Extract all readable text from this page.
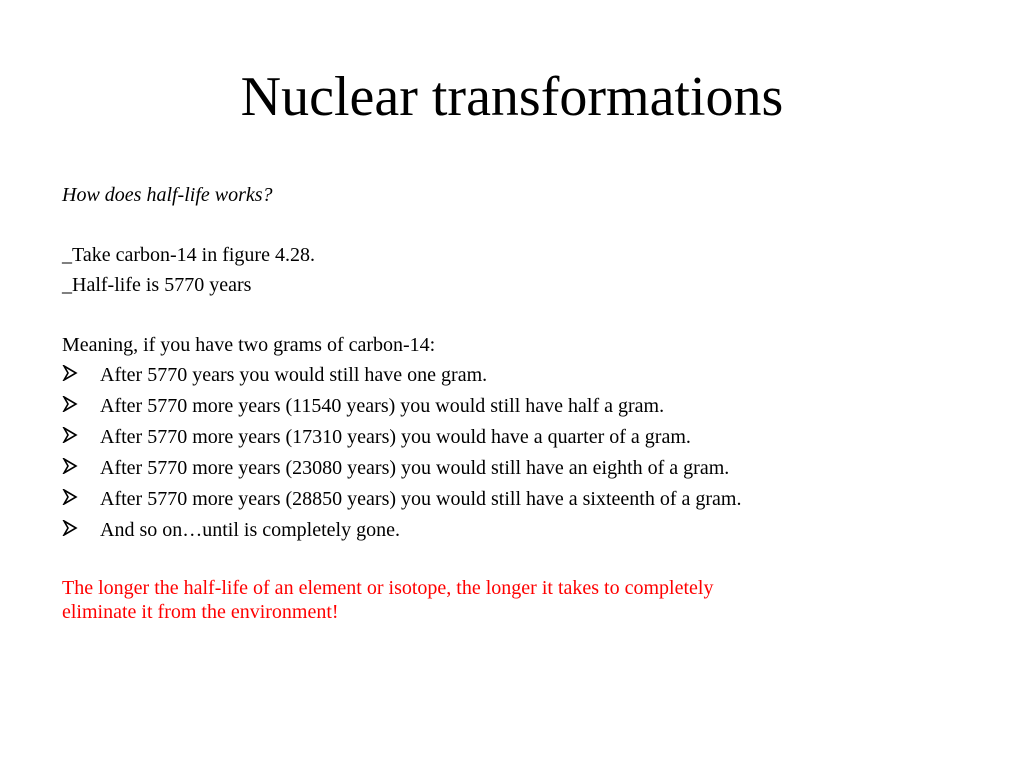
Nuclear transformations
How does half-life works?
_Take carbon-14 in figure 4.28.
_Half-life is 5770 years
Meaning, if you have two grams of carbon-14:
After 5770 years you would still have one gram.
After 5770 more years (11540 years) you would still have half a gram.
After 5770 more years (17310 years) you would have a quarter of a gram.
After 5770 more years (23080 years) you would still have an eighth of a gram.
After 5770 more years (28850 years) you would still have a sixteenth of a gram.
And so on…until is completely gone.
The longer the half-life of an element or isotope, the longer it takes to completely
eliminate it from the environment!
